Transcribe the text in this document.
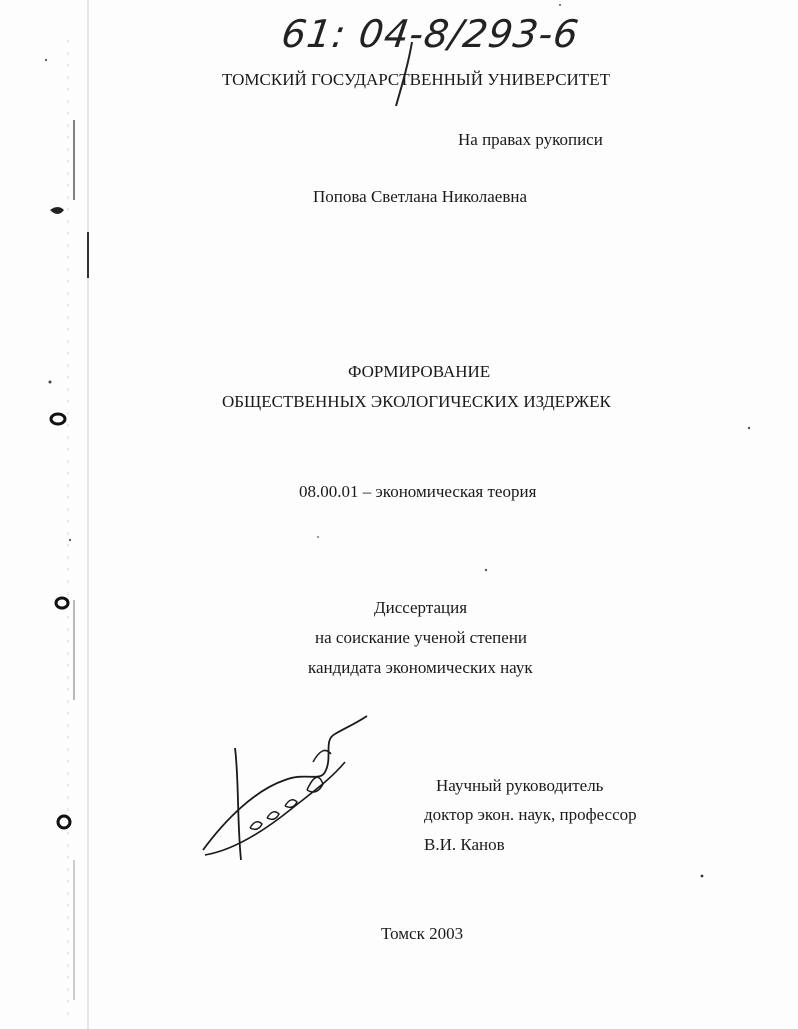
61: 04-8/293-6
ТОМСКИЙ ГОСУДАРСТВЕННЫЙ УНИВЕРСИТЕТ
На правах рукописи
Попова Светлана Николаевна
ФОРМИРОВАНИЕ
ОБЩЕСТВЕННЫХ ЭКОЛОГИЧЕСКИХ ИЗДЕРЖЕК
08.00.01 – экономическая теория
Диссертация
на соискание ученой степени
кандидата экономических наук
Научный руководитель
доктор экон. наук, профессор
В.И. Канов
Томск 2003
